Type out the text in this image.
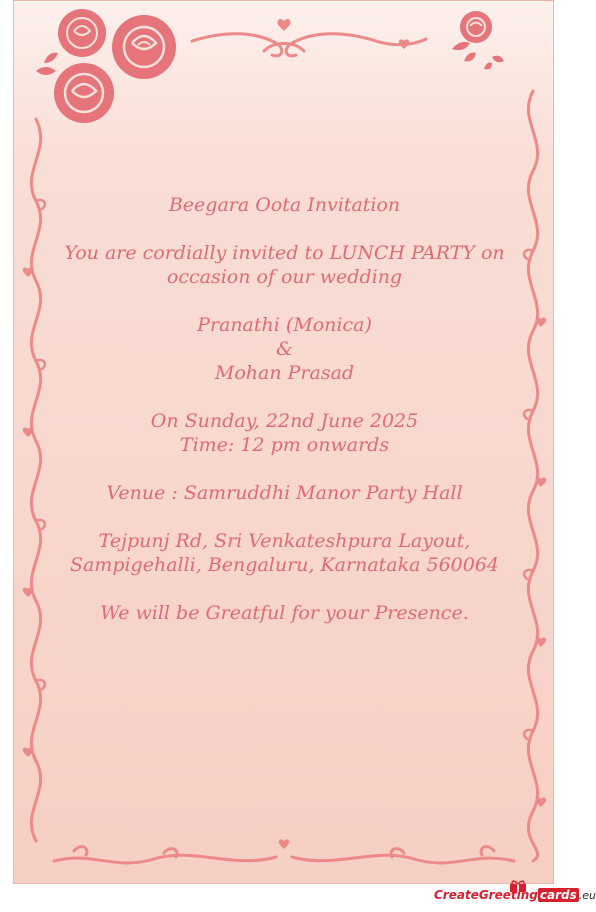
Beegara Oota Invitation
You are cordially invited to LUNCH PARTY on
occasion of our wedding
Pranathi (Monica)
&
Mohan Prasad
On Sunday, 22nd June 2025
Time: 12 pm onwards
Venue : Samruddhi Manor Party Hall
Tejpunj Rd, Sri Venkateshpura Layout,
Sampigehalli, Bengaluru, Karnataka 560064
We will be Greatful for your Presence.
CreateGreeting cards .eu
